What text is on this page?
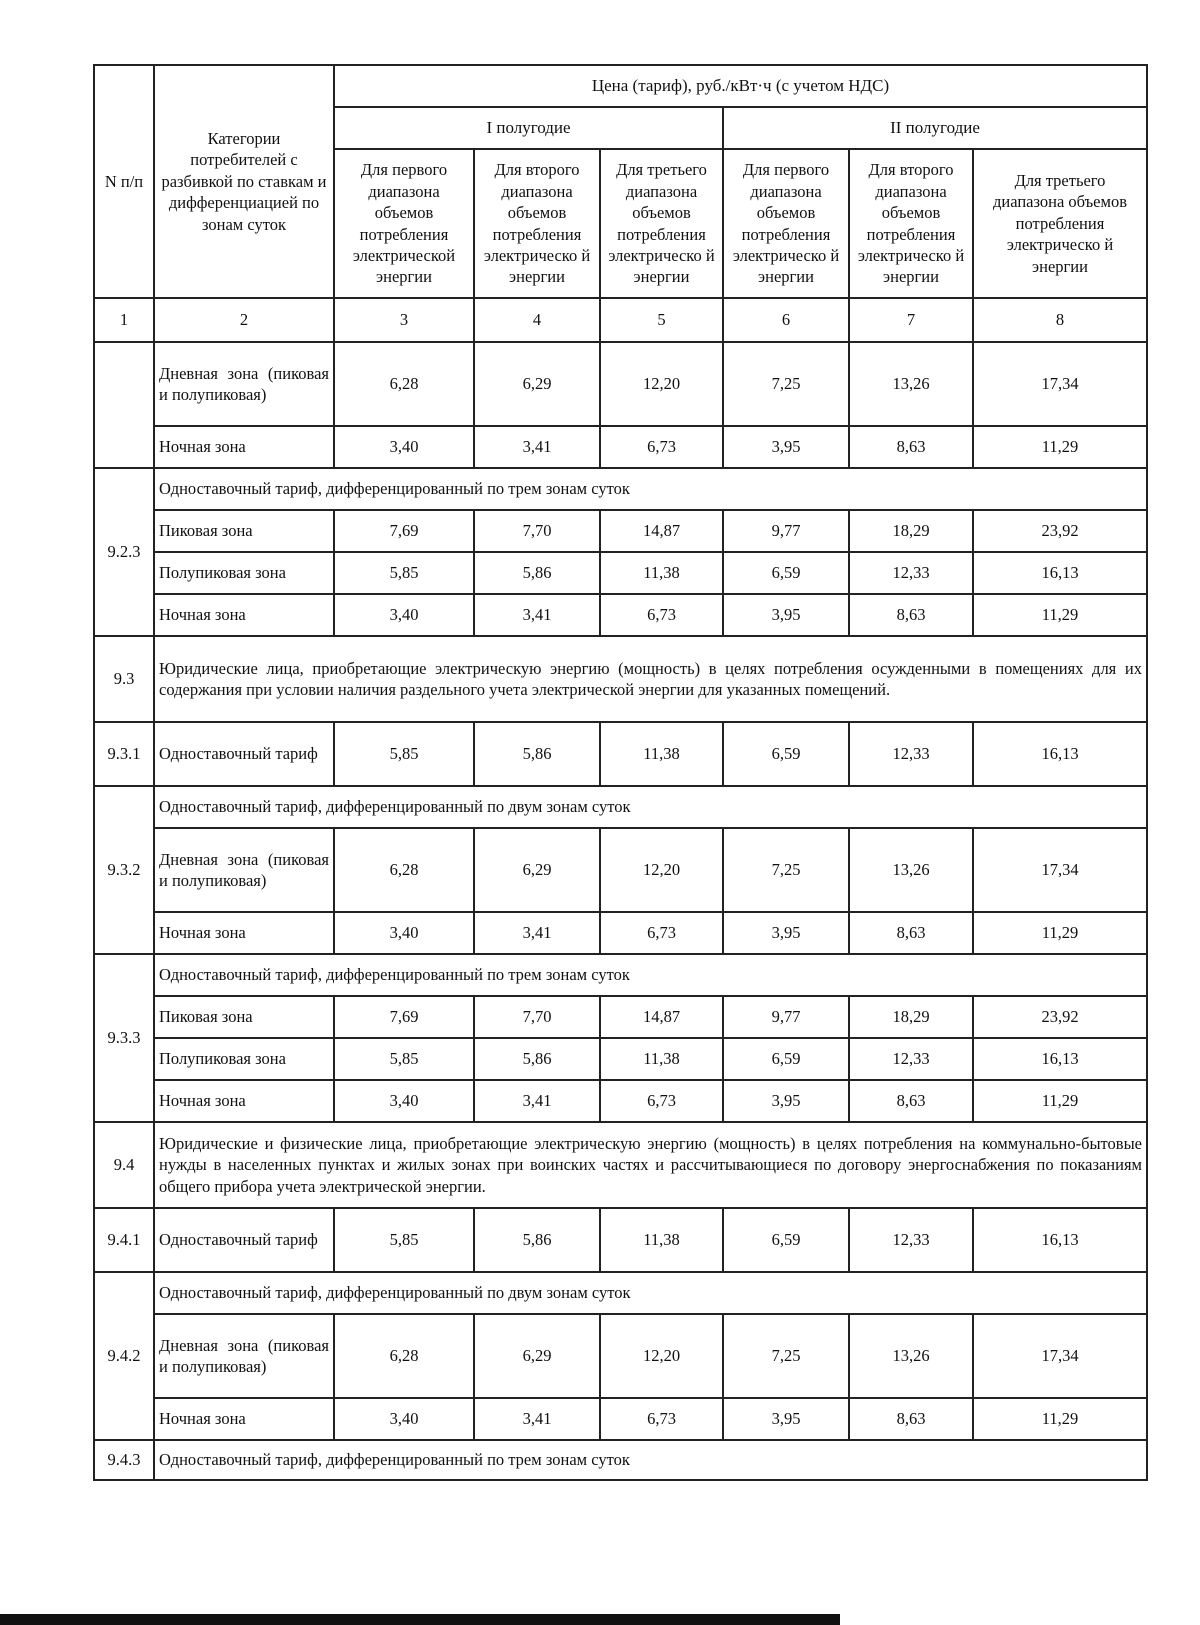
N п/п	Категории потребителей с разбивкой по ставкам и дифференциацией по зонам суток	Цена (тариф), руб./кВт·ч (с учетом НДС)					
		I полугодие			II полугодие		
		Для первого диапазона объемов потребления электрической энергии	Для второго диапазона объемов потребления электрическо й энергии	Для третьего диапазона объемов потребления электрическо й энергии	Для первого диапазона объемов потребления электрическо й энергии	Для второго диапазона объемов потребления электрическо й энергии	Для третьего диапазона объемов потребления электрическо й энергии
1	2	3	4	5	6	7	8
	Дневная зона (пиковая и полупиковая)	6,28	6,29	12,20	7,25	13,26	17,34
	Ночная зона	3,40	3,41	6,73	3,95	8,63	11,29
9.2.3	Одноставочный тариф, дифференцированный по трем зонам суток						
	Пиковая зона	7,69	7,70	14,87	9,77	18,29	23,92
	Полупиковая зона	5,85	5,86	11,38	6,59	12,33	16,13
	Ночная зона	3,40	3,41	6,73	3,95	8,63	11,29
9.3	Юридические лица, приобретающие электрическую энергию (мощность) в целях потребления осужденными в помещениях для их содержания при условии наличия раздельного учета электрической энергии для указанных помещений.						
9.3.1	Одноставочный тариф	5,85	5,86	11,38	6,59	12,33	16,13
9.3.2	Одноставочный тариф, дифференцированный по двум зонам суток						
	Дневная зона (пиковая и полупиковая)	6,28	6,29	12,20	7,25	13,26	17,34
	Ночная зона	3,40	3,41	6,73	3,95	8,63	11,29
9.3.3	Одноставочный тариф, дифференцированный по трем зонам суток						
	Пиковая зона	7,69	7,70	14,87	9,77	18,29	23,92
	Полупиковая зона	5,85	5,86	11,38	6,59	12,33	16,13
	Ночная зона	3,40	3,41	6,73	3,95	8,63	11,29
9.4	Юридические и физические лица, приобретающие электрическую энергию (мощность) в целях потребления на коммунально-бытовые нужды в населенных пунктах и жилых зонах при воинских частях и рассчитывающиеся по договору энергоснабжения по показаниям общего прибора учета электрической энергии.						
9.4.1	Одноставочный тариф	5,85	5,86	11,38	6,59	12,33	16,13
9.4.2	Одноставочный тариф, дифференцированный по двум зонам суток						
	Дневная зона (пиковая и полупиковая)	6,28	6,29	12,20	7,25	13,26	17,34
	Ночная зона	3,40	3,41	6,73	3,95	8,63	11,29
9.4.3	Одноставочный тариф, дифференцированный по трем зонам суток						
